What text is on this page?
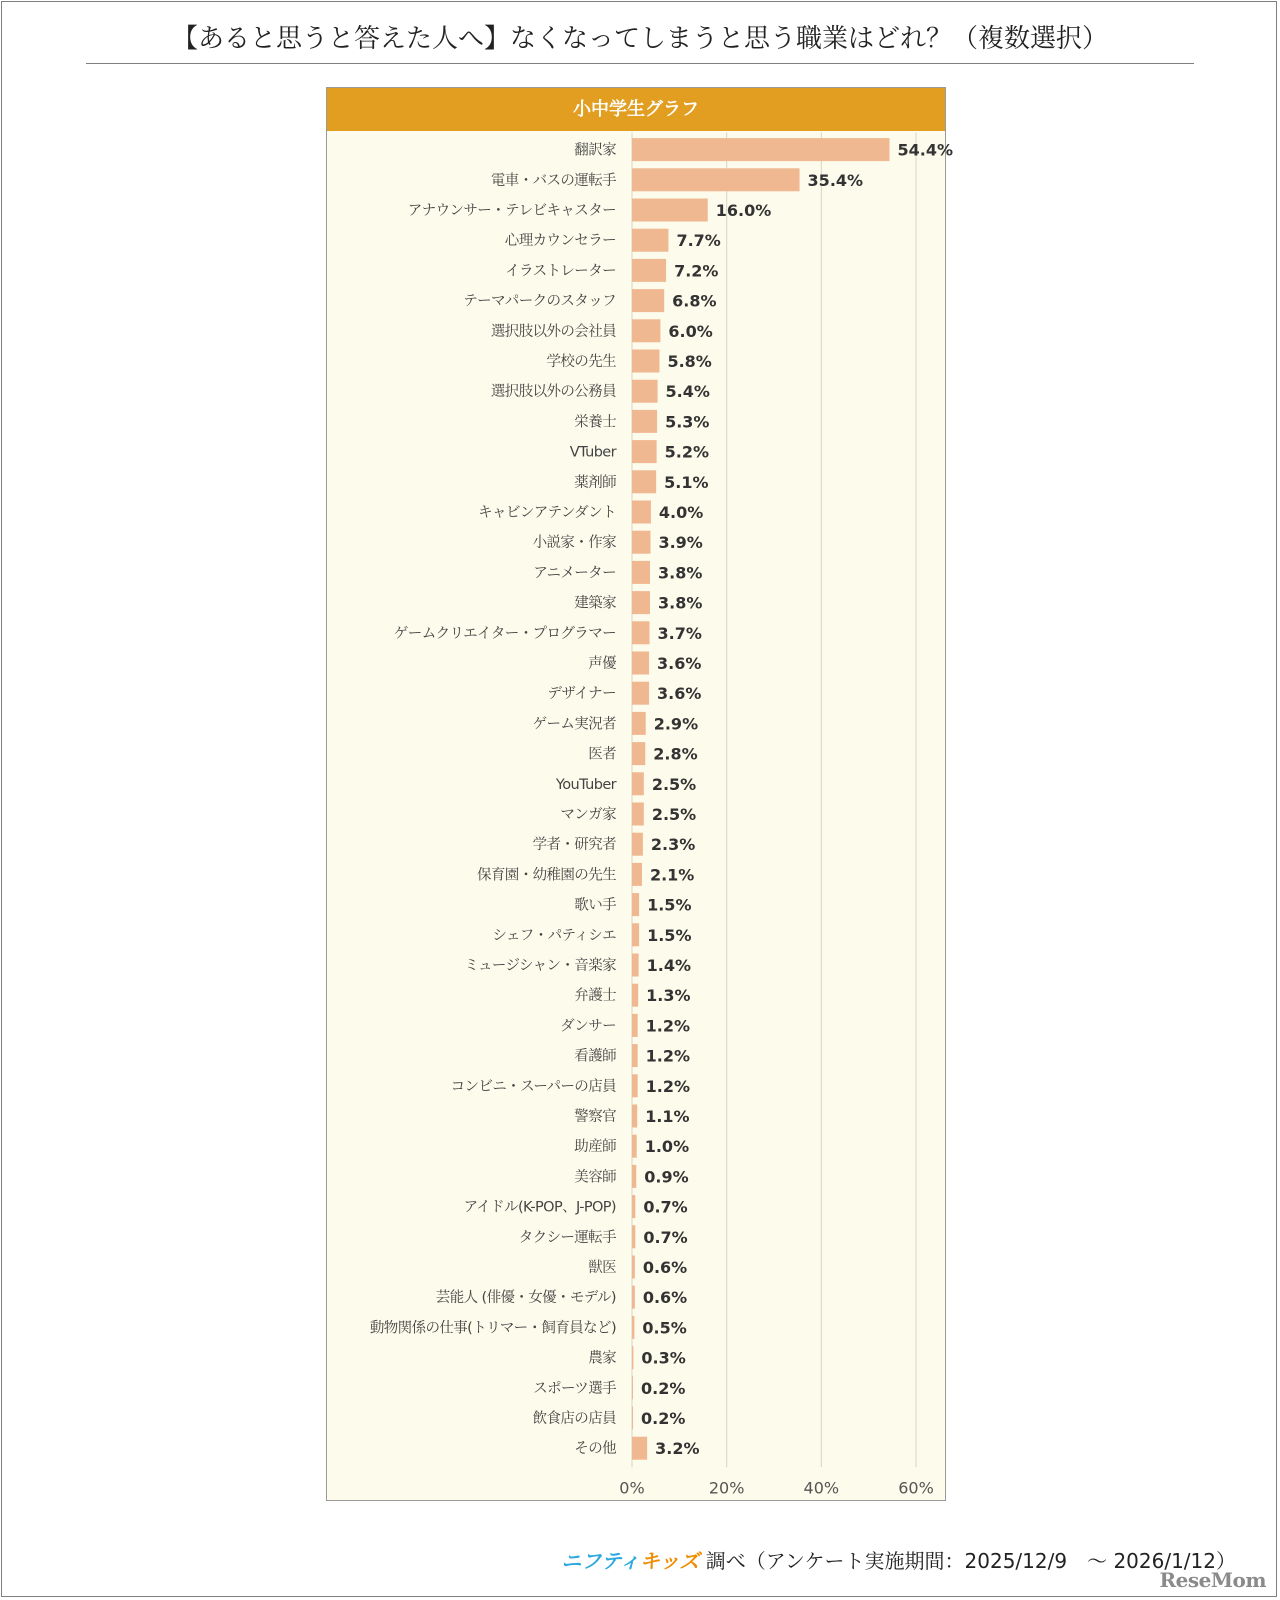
【あると思うと答えた人へ】なくなってしまうと思う職業はどれ？（複数選択）
小中学生グラフ
翻訳家
電車・バスの運転手
アナウンサー・テレビキャスター
心理カウンセラー
イラストレーター
テーマパークのスタッフ
選択肢以外の会社員
学校の先生
選択肢以外の公務員
栄養士
VTuber
薬剤師
キャビンアテンダント
小説家・作家
アニメーター
建築家
ゲームクリエイター・プログラマー
声優
デザイナー
ゲーム実況者
医者
YouTuber
マンガ家
学者・研究者
保育園・幼稚園の先生
歌い手
シェフ・パティシエ
ミュージシャン・音楽家
弁護士
ダンサー
看護師
コンビニ・スーパーの店員
警察官
助産師
美容師
アイドル(K-POP、J-POP)
タクシー運転手
獣医
芸能人 (俳優・女優・モデル)
動物関係の仕事(トリマー・飼育員など)
農家
スポーツ選手
飲食店の店員
その他
54.4%
35.4%
16.0%
7.7%
7.2%
6.8%
6.0%
5.8%
5.4%
5.3%
5.2%
5.1%
4.0%
3.9%
3.8%
3.8%
3.7%
3.6%
3.6%
2.9%
2.8%
2.5%
2.5%
2.3%
2.1%
1.5%
1.5%
1.4%
1.3%
1.2%
1.2%
1.2%
1.1%
1.0%
0.9%
0.7%
0.7%
0.6%
0.6%
0.5%
0.3%
0.2%
0.2%
3.2%
0%	20%	40%	60%
ニフティキッズ 調べ（アンケート実施期間：2025/12/9　～ 2026/1/12）
ReseMom
